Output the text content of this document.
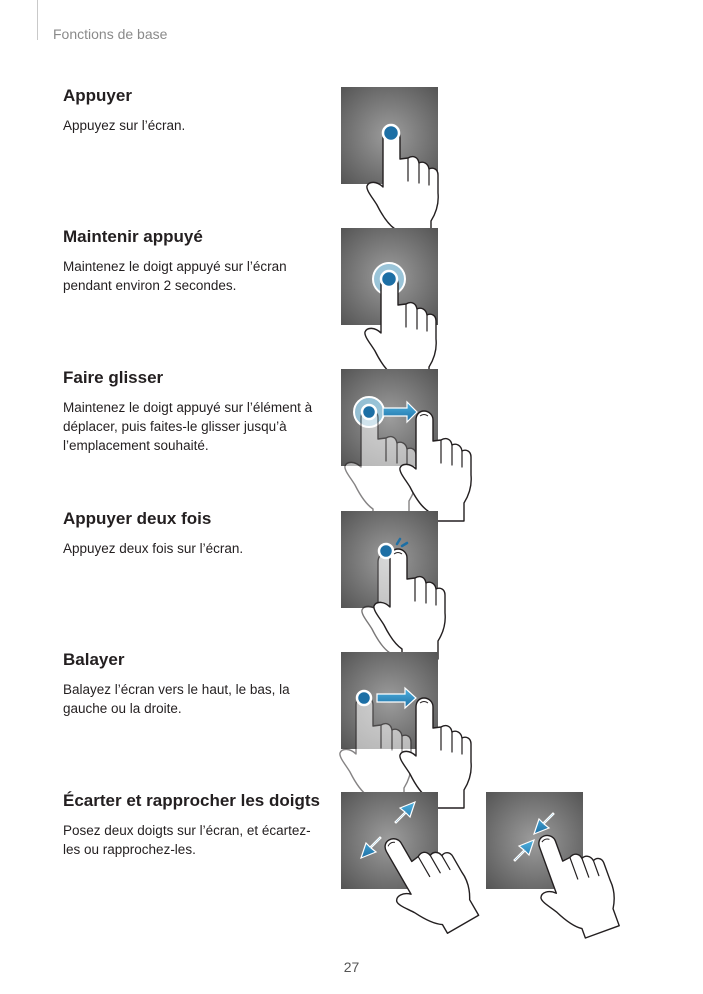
Fonctions de base
Appuyer
Appuyez sur l’écran.
Maintenir appuyé
Maintenez le doigt appuyé sur l’écran pendant environ 2 secondes.
Faire glisser
Maintenez le doigt appuyé sur l’élément à déplacer, puis faites-le glisser jusqu’à l’emplacement souhaité.
Appuyer deux fois
Appuyez deux fois sur l’écran.
Balayer
Balayez l’écran vers le haut, le bas, la gauche ou la droite.
Écarter et rapprocher les doigts
Posez deux doigts sur l’écran, et écartez-les ou rapprochez-les.
27
